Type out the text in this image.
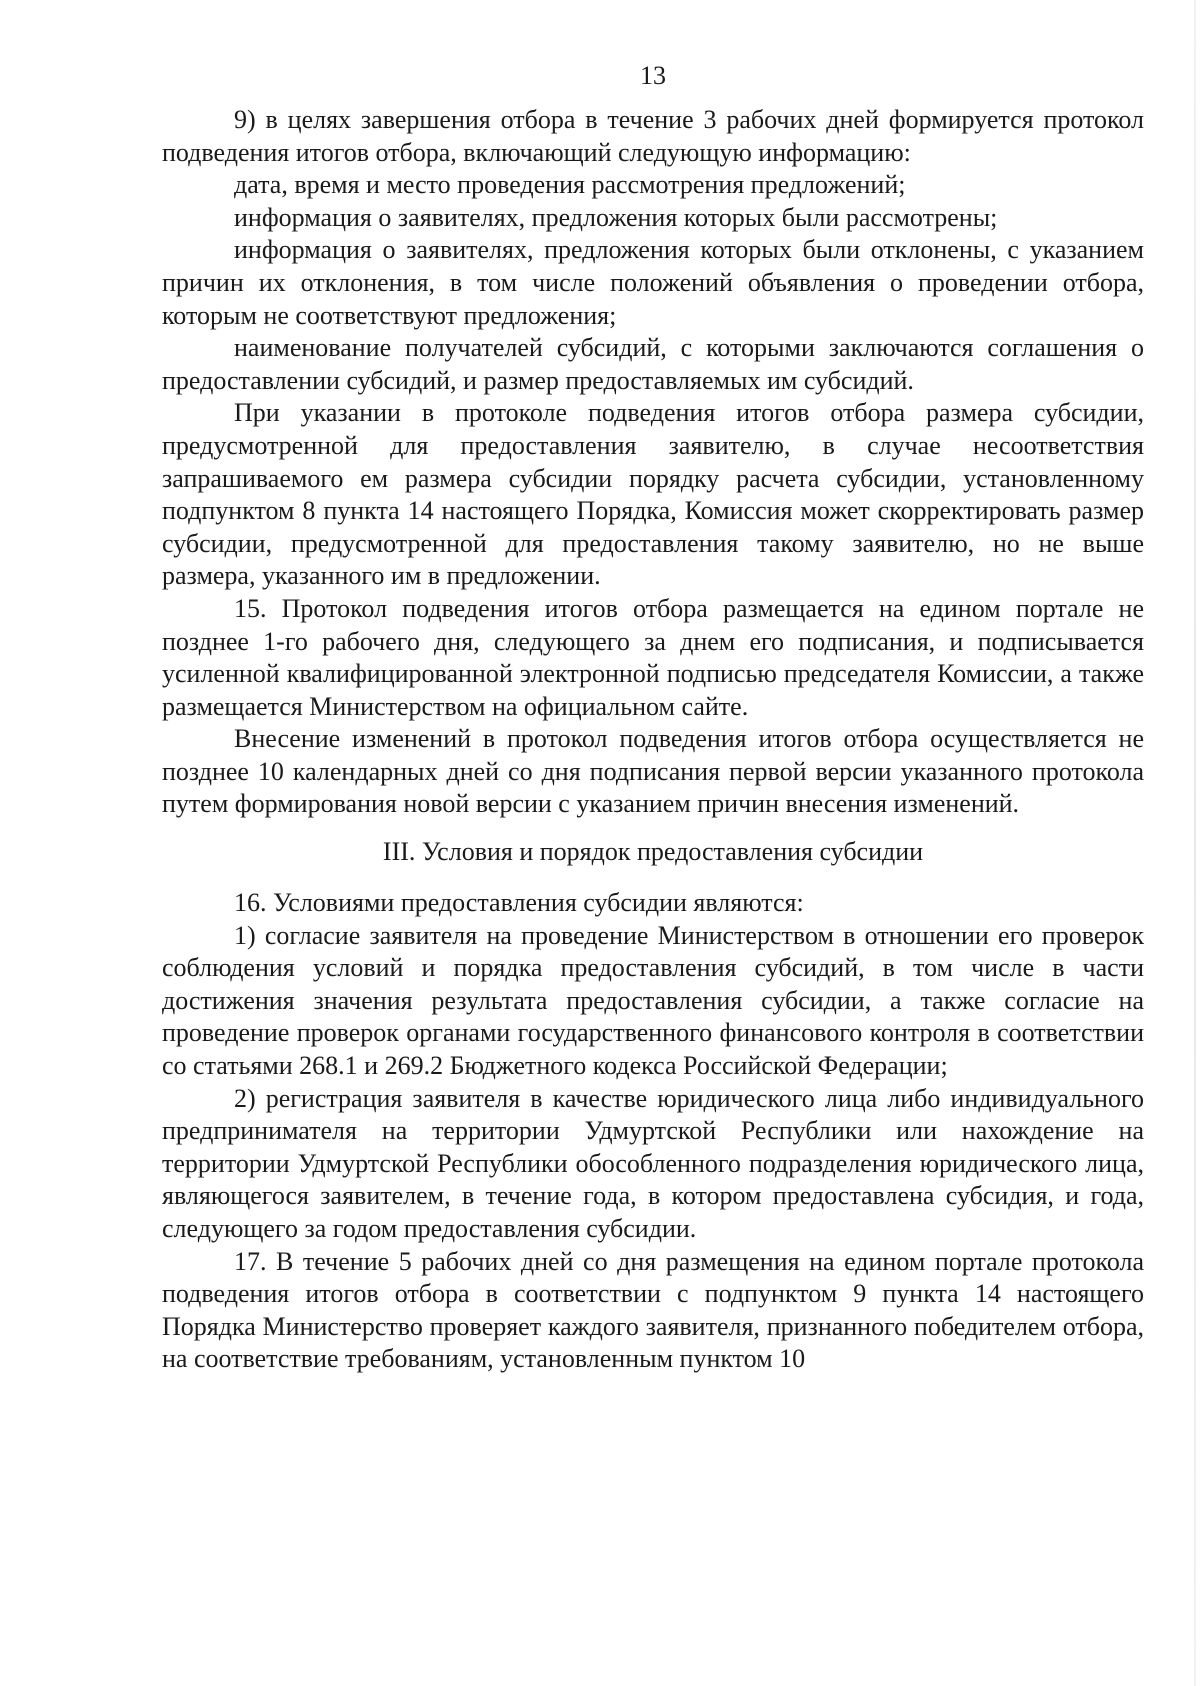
13

9) в целях завершения отбора в течение 3 рабочих дней формируется протокол подведения итогов отбора, включающий следующую информацию:

дата, время и место проведения рассмотрения предложений;

информация о заявителях, предложения которых были рассмотрены;

информация о заявителях, предложения которых были отклонены, с указанием причин их отклонения, в том числе положений объявления о проведении отбора, которым не соответствуют предложения;

наименование получателей субсидий, с которыми заключаются соглашения о предоставлении субсидий, и размер предоставляемых им субсидий.

При указании в протоколе подведения итогов отбора размера субсидии, предусмотренной для предоставления заявителю, в случае несоответствия запрашиваемого ем размера субсидии порядку расчета субсидии, установленному подпунктом 8 пункта 14 настоящего Порядка, Комиссия может скорректировать размер субсидии, предусмотренной для предоставления такому заявителю, но не выше размера, указанного им в предложении.

15. Протокол подведения итогов отбора размещается на едином портале не позднее 1-го рабочего дня, следующего за днем его подписания, и подписывается усиленной квалифицированной электронной подписью председателя Комиссии, а также размещается Министерством на официальном сайте.

Внесение изменений в протокол подведения итогов отбора осуществляется не позднее 10 календарных дней со дня подписания первой версии указанного протокола путем формирования новой версии с указанием причин внесения изменений.

III. Условия и порядок предоставления субсидии

16. Условиями предоставления субсидии являются:

1) согласие заявителя на проведение Министерством в отношении его проверок соблюдения условий и порядка предоставления субсидий, в том числе в части достижения значения результата предоставления субсидии, а также согласие на проведение проверок органами государственного финансового контроля в соответствии со статьями 268.1 и 269.2 Бюджетного кодекса Российской Федерации;

2) регистрация заявителя в качестве юридического лица либо индивидуального предпринимателя на территории Удмуртской Республики или нахождение на территории Удмуртской Республики обособленного подразделения юридического лица, являющегося заявителем, в течение года, в котором предоставлена субсидия, и года, следующего за годом предоставления субсидии.

17. В течение 5 рабочих дней со дня размещения на едином портале протокола подведения итогов отбора в соответствии с подпунктом 9 пункта 14 настоящего Порядка Министерство проверяет каждого заявителя, признанного победителем отбора, на соответствие требованиям, установленным пунктом 10
